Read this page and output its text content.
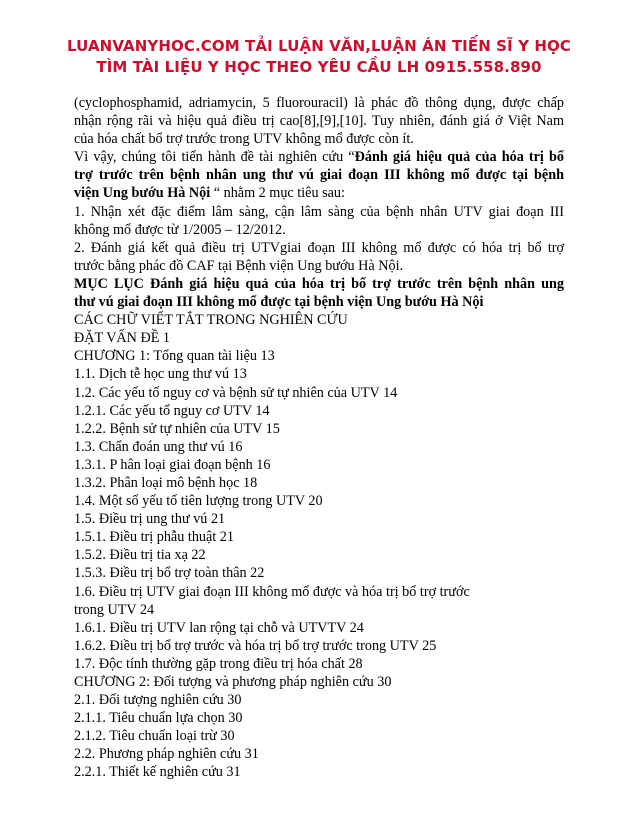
LUANVANYHOC.COM TẢI LUẬN VĂN,LUẬN ÁN TIẾN SĨ Y HỌC
TÌM TÀI LIỆU Y HỌC THEO YÊU CẦU LH 0915.558.890

(cyclophosphamid, adriamycin, 5 fluorouracil) là phác đồ thông dụng, được chấp

nhận rộng rãi và hiệu quả điều trị cao[8],[9],[10]. Tuy nhiên, đánh giá ở Việt Nam

của hóa chất bổ trợ trước trong UTV không mổ được còn ít.

Vì vậy, chúng tôi tiến hành đề tài nghiên cứu “Đánh giá hiệu quả của hóa trị bổ

trợ trước trên bệnh nhân ung thư vú giai đoạn III không mổ được tại bệnh

viện Ung bướu Hà Nội “ nhằm 2 mục tiêu sau:

1. Nhận xét đặc điểm lâm sàng, cận lâm sàng của bệnh nhân UTV giai đoạn III

không mổ được từ 1/2005 – 12/2012.

2. Đánh giá kết quả điều trị UTVgiai đoạn III không mổ được có hóa trị bổ trợ

trước bằng phác đồ CAF tại Bệnh viện Ung bướu Hà Nội.

MỤC LỤC Đánh giá hiệu quả của hóa trị bổ trợ trước trên bệnh nhân ung

thư vú giai đoạn III không mổ được tại bệnh viện Ung bướu Hà Nội

CÁC CHỮ VIẾT TẮT TRONG NGHIÊN CỨU

ĐẶT VẤN ĐỀ 1

CHƯƠNG 1: Tổng quan tài liệu 13

1.1. Dịch tễ học ung thư vú 13

1.2. Các yếu tố nguy cơ và bệnh sử tự nhiên của UTV 14

1.2.1. Các yếu tố nguy cơ UTV 14

1.2.2. Bệnh sử tự nhiên của UTV 15

1.3. Chẩn đoán ung thư vú 16

1.3.1. P hân loại giai đoạn bệnh 16

1.3.2. Phân loại mô bệnh học 18

1.4. Một số yếu tố tiên lượng trong UTV 20

1.5. Điều trị ung thư vú 21

1.5.1. Điều trị phẫu thuật 21

1.5.2. Điều trị tia xạ 22

1.5.3. Điều trị bổ trợ toàn thân 22

1.6. Điều trị UTV giai đoạn III không mổ được và hóa trị bổ trợ trước

trong UTV 24

1.6.1. Điều trị UTV lan rộng tại chỗ và UTVTV 24

1.6.2. Điều trị bổ trợ trước và hóa trị bổ trợ trước trong UTV 25

1.7. Độc tính thường gặp trong điều trị hóa chất 28

CHƯƠNG 2: Đối tượng và phương pháp nghiên cứu 30

2.1. Đối tượng nghiên cứu 30

2.1.1. Tiêu chuẩn lựa chọn 30

2.1.2. Tiêu chuẩn loại trừ 30

2.2. Phương pháp nghiên cứu 31

2.2.1. Thiết kế nghiên cứu 31
